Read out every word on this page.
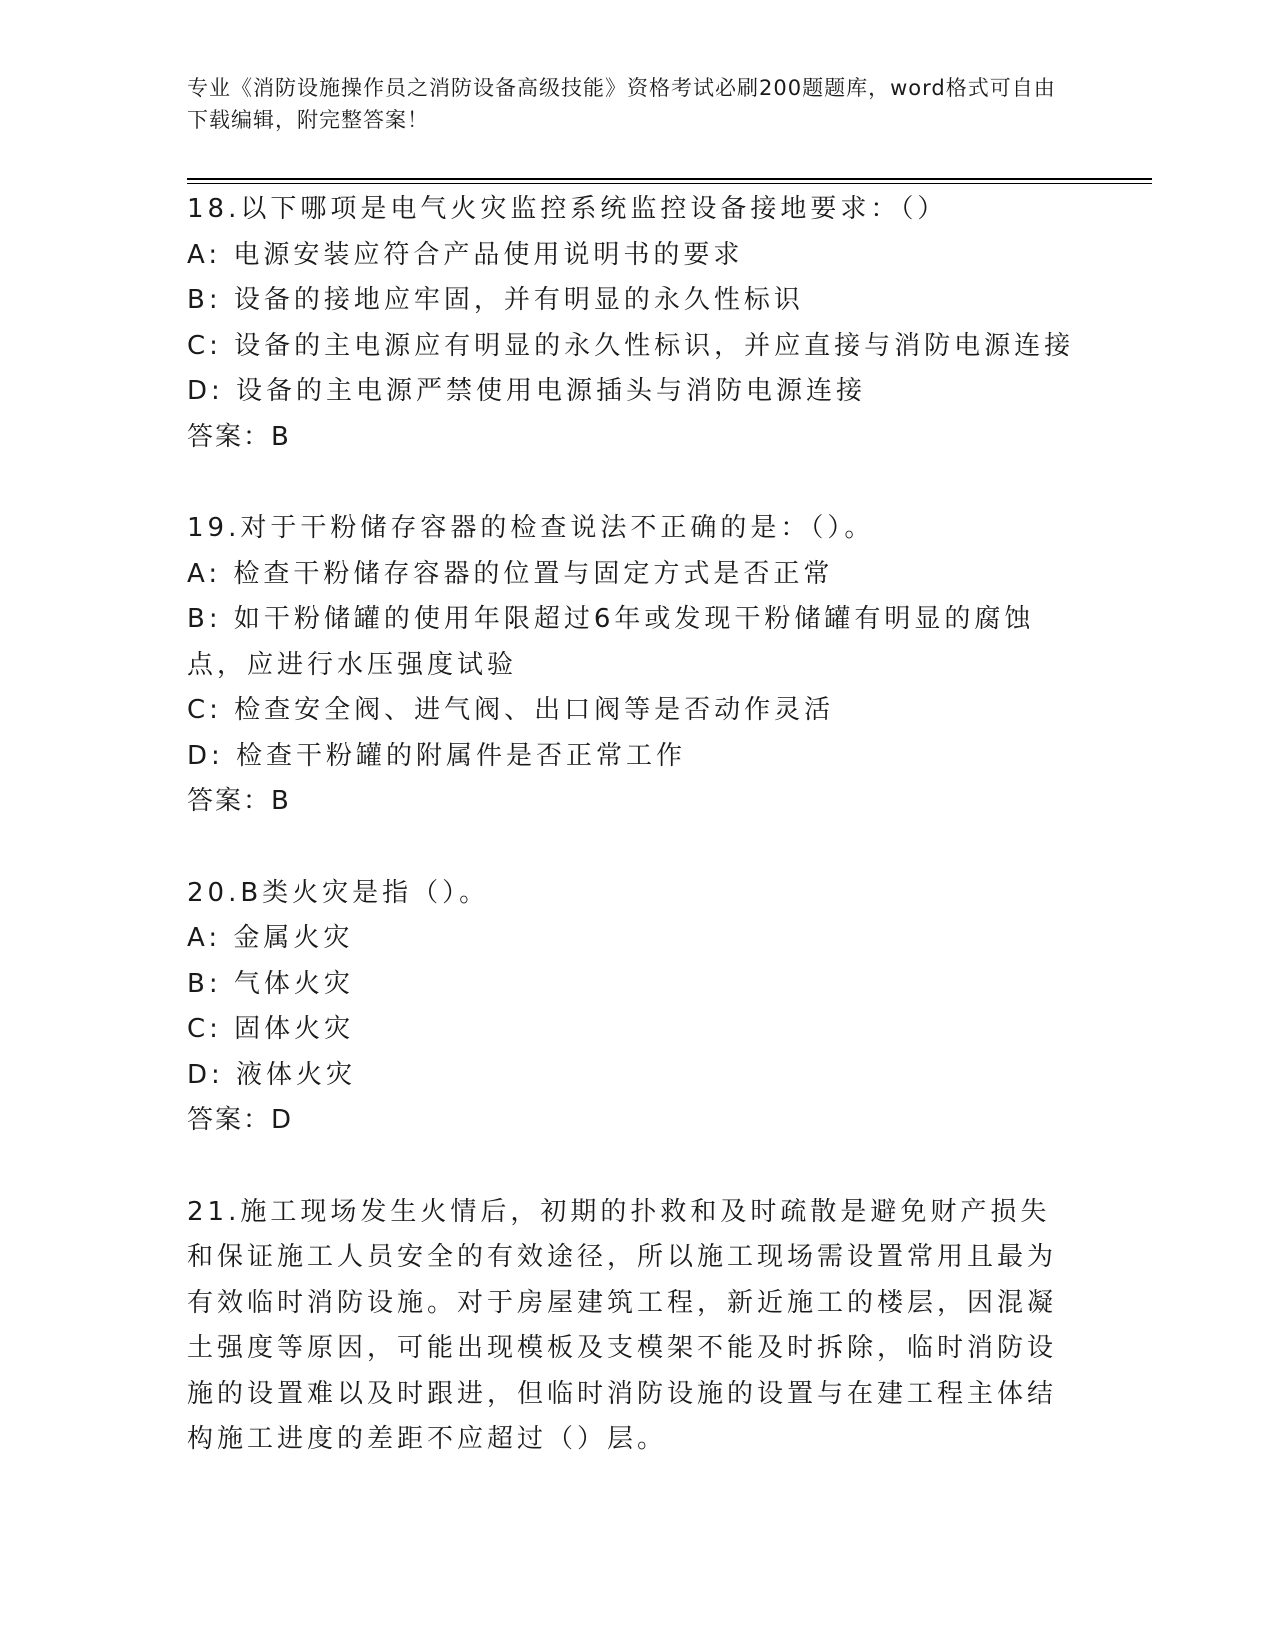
专业《消防设施操作员之消防设备高级技能》资格考试必刷200题题库，word格式可自由下载编辑，附完整答案！
18.以下哪项是电气火灾监控系统监控设备接地要求：（）
A: 电源安装应符合产品使用说明书的要求
B: 设备的接地应牢固，并有明显的永久性标识
C: 设备的主电源应有明显的永久性标识，并应直接与消防电源连接
D: 设备的主电源严禁使用电源插头与消防电源连接
答案：B
19.对于干粉储存容器的检查说法不正确的是：（）。
A: 检查干粉储存容器的位置与固定方式是否正常
B: 如干粉储罐的使用年限超过6年或发现干粉储罐有明显的腐蚀点，应进行水压强度试验
C: 检查安全阀、进气阀、出口阀等是否动作灵活
D: 检查干粉罐的附属件是否正常工作
答案：B
20.B类火灾是指（）。
A: 金属火灾
B: 气体火灾
C: 固体火灾
D: 液体火灾
答案：D
21.施工现场发生火情后，初期的扑救和及时疏散是避免财产损失和保证施工人员安全的有效途径，所以施工现场需设置常用且最为有效临时消防设施。对于房屋建筑工程，新近施工的楼层，因混凝土强度等原因，可能出现模板及支模架不能及时拆除，临时消防设施的设置难以及时跟进，但临时消防设施的设置与在建工程主体结构施工进度的差距不应超过（）层。
